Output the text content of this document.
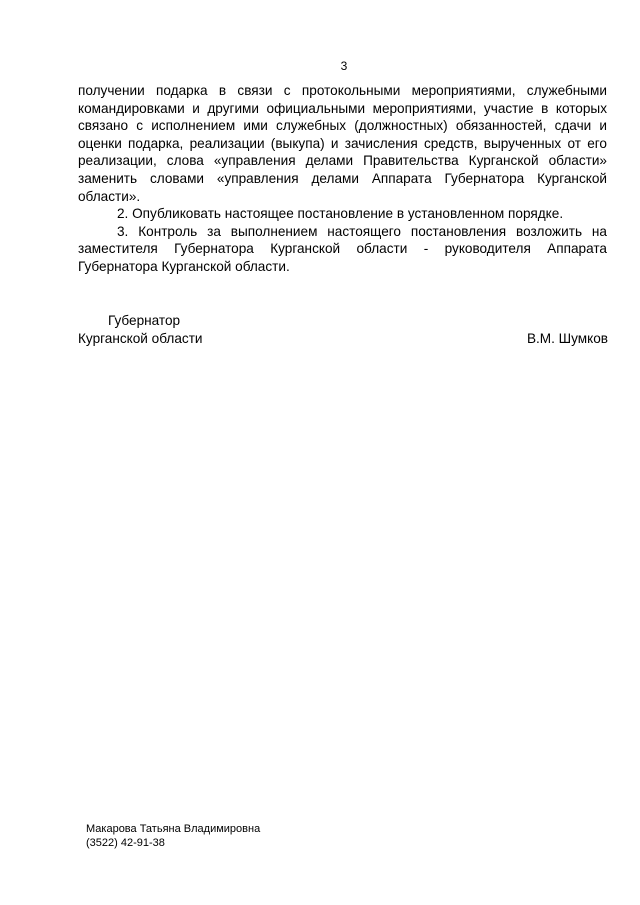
3

получении подарка в связи с протокольными мероприятиями, служебными командировками и другими официальными мероприятиями, участие в которых связано с исполнением ими служебных (должностных) обязанностей, сдачи и оценки подарка, реализации (выкупа) и зачисления средств, вырученных от его реализации, слова «управления делами Правительства Курганской области» заменить словами «управления делами Аппарата Губернатора Курганской области».

2. Опубликовать настоящее постановление в установленном порядке.

3. Контроль за выполнением настоящего постановления возложить на заместителя Губернатора Курганской области - руководителя Аппарата Губернатора Курганской области.

Губернатор
Курганской области	В.М. Шумков
Макарова Татьяна Владимировна
(3522) 42-91-38
